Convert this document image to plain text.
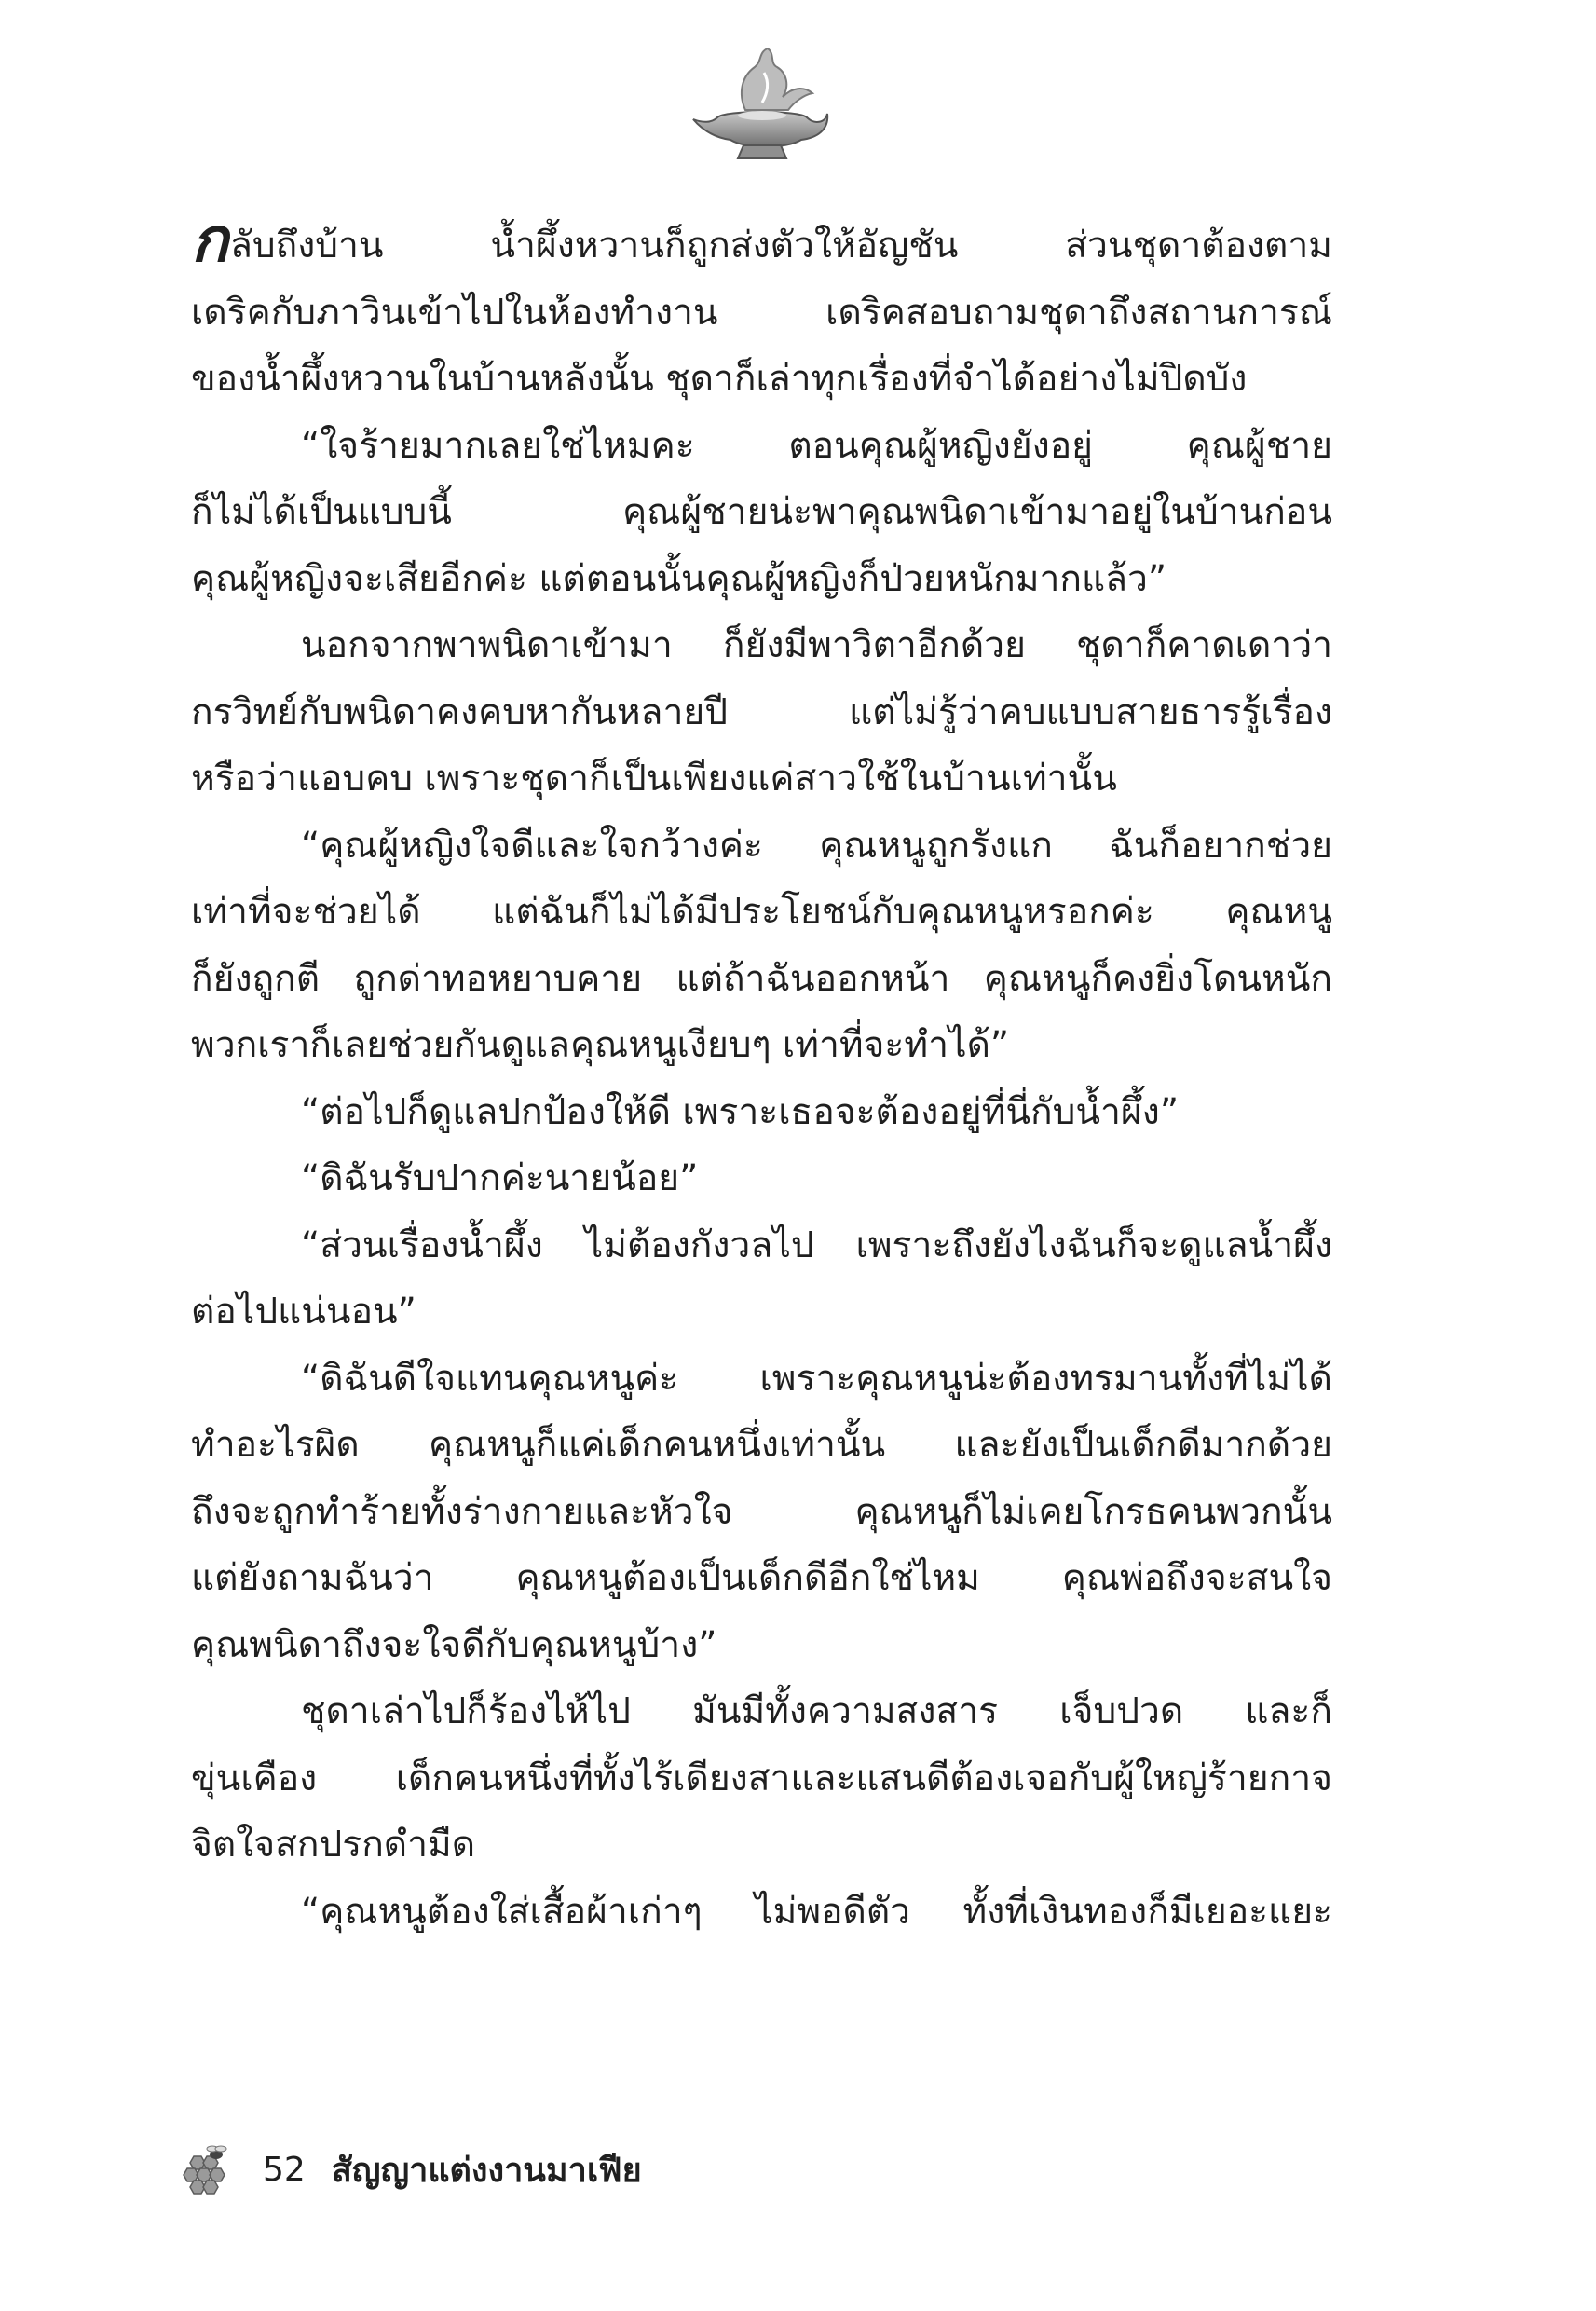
กลับถึงบ้าน น้ำผึ้งหวานก็ถูกส่งตัวให้อัญชัน ส่วนชุดาต้องตาม
เดริคกับภาวินเข้าไปในห้องทำงาน เดริคสอบถามชุดาถึงสถานการณ์
ของน้ำผึ้งหวานในบ้านหลังนั้น ชุดาก็เล่าทุกเรื่องที่จำได้อย่างไม่ปิดบัง
“ใจร้ายมากเลยใช่ไหมคะ ตอนคุณผู้หญิงยังอยู่ คุณผู้ชาย
ก็ไม่ได้เป็นแบบนี้ คุณผู้ชายน่ะพาคุณพนิดาเข้ามาอยู่ในบ้านก่อน
คุณผู้หญิงจะเสียอีกค่ะ แต่ตอนนั้นคุณผู้หญิงก็ป่วยหนักมากแล้ว”
นอกจากพาพนิดาเข้ามา ก็ยังมีพาวิตาอีกด้วย ชุดาก็คาดเดาว่า
กรวิทย์กับพนิดาคงคบหากันหลายปี แต่ไม่รู้ว่าคบแบบสายธารรู้เรื่อง
หรือว่าแอบคบ เพราะชุดาก็เป็นเพียงแค่สาวใช้ในบ้านเท่านั้น
“คุณผู้หญิงใจดีและใจกว้างค่ะ คุณหนูถูกรังแก ฉันก็อยากช่วย
เท่าที่จะช่วยได้ แต่ฉันก็ไม่ได้มีประโยชน์กับคุณหนูหรอกค่ะ คุณหนู
ก็ยังถูกตี ถูกด่าทอหยาบคาย แต่ถ้าฉันออกหน้า คุณหนูก็คงยิ่งโดนหนัก
พวกเราก็เลยช่วยกันดูแลคุณหนูเงียบๆ เท่าที่จะทำได้”
“ต่อไปก็ดูแลปกป้องให้ดี เพราะเธอจะต้องอยู่ที่นี่กับน้ำผึ้ง”
“ดิฉันรับปากค่ะนายน้อย”
“ส่วนเรื่องน้ำผึ้ง ไม่ต้องกังวลไป เพราะถึงยังไงฉันก็จะดูแลน้ำผึ้ง
ต่อไปแน่นอน”
“ดิฉันดีใจแทนคุณหนูค่ะ เพราะคุณหนูน่ะต้องทรมานทั้งที่ไม่ได้
ทำอะไรผิด คุณหนูก็แค่เด็กคนหนึ่งเท่านั้น และยังเป็นเด็กดีมากด้วย
ถึงจะถูกทำร้ายทั้งร่างกายและหัวใจ คุณหนูก็ไม่เคยโกรธคนพวกนั้น
แต่ยังถามฉันว่า คุณหนูต้องเป็นเด็กดีอีกใช่ไหม คุณพ่อถึงจะสนใจ
คุณพนิดาถึงจะใจดีกับคุณหนูบ้าง”
ชุดาเล่าไปก็ร้องไห้ไป มันมีทั้งความสงสาร เจ็บปวด และก็
ขุ่นเคือง เด็กคนหนึ่งที่ทั้งไร้เดียงสาและแสนดีต้องเจอกับผู้ใหญ่ร้ายกาจ
จิตใจสกปรกดำมืด
“คุณหนูต้องใส่เสื้อผ้าเก่าๆ ไม่พอดีตัว ทั้งที่เงินทองก็มีเยอะแยะ
52 สัญญาแต่งงานมาเฟีย
